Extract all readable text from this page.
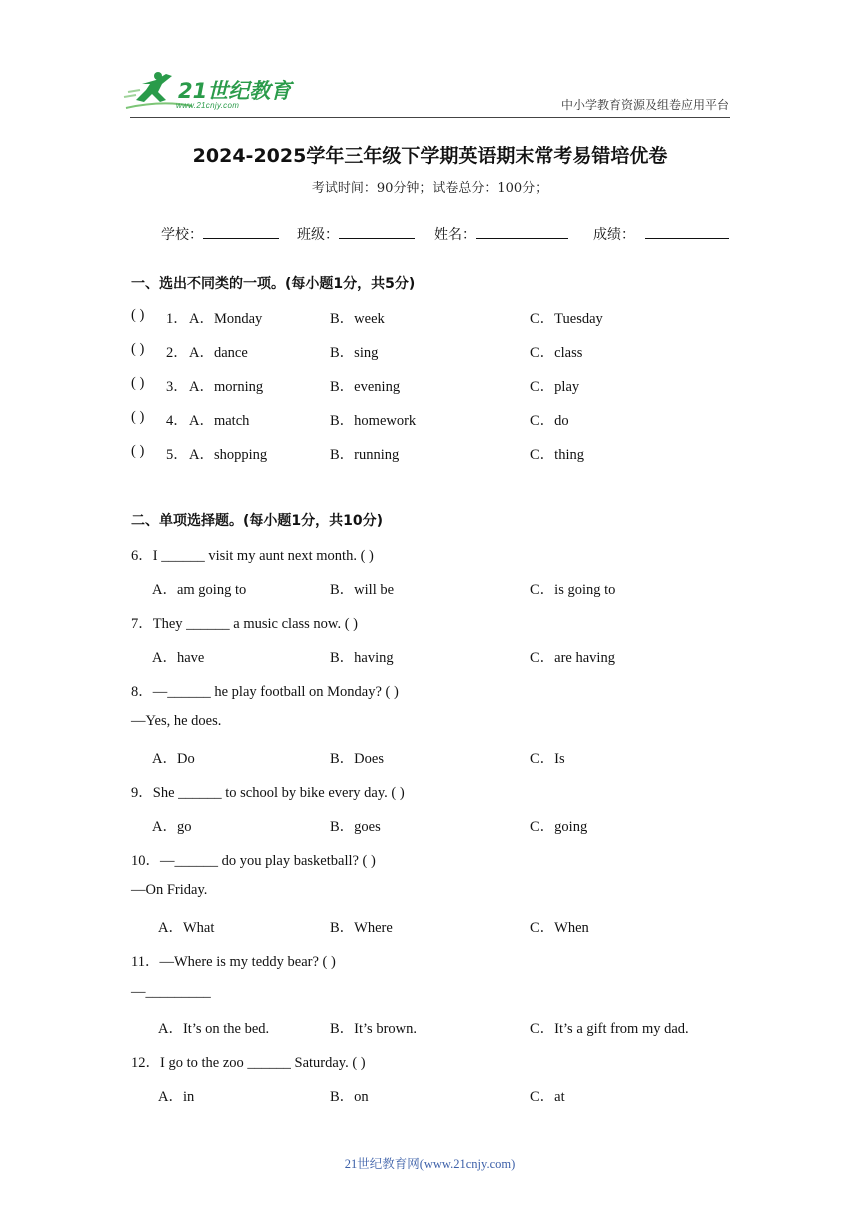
21世纪教育
www.21cnjy.com	中小学教育资源及组卷应用平台
2024-2025学年三年级下学期英语期末常考易错培优卷
考试时间：90分钟；试卷总分：100分；
学校：	班级：	姓名：	成绩：
一、选出不同类的一项。(每小题1分，共5分)
( ) 1． A．Monday	B．week	C．Tuesday
( ) 2． A．dance	B．sing	C．class
( ) 3． A．morning	B．evening	C．play
( ) 4． A．match	B．homework	C．do
( ) 5． A．shopping	B．running	C．thing
二、单项选择题。(每小题1分，共10分)
6．I ______ visit my aunt next month. ( )
A．am going to	B．will be	C．is going to
7．They ______ a music class now. ( )
A．have	B．having	C．are having
8．—______ he play football on Monday? ( )
—Yes, he does.
A．Do	B．Does	C．Is
9．She ______ to school by bike every day. ( )
A．go	B．goes	C．going
10．—______ do you play basketball? ( )
—On Friday.
A．What	B．Where	C．When
11．—Where is my teddy bear? ( )
—_________
A．It’s on the bed.	B．It’s brown.	C．It’s a gift from my dad.
12．I go to the zoo ______ Saturday. ( )
A．in	B．on	C．at
21世纪教育网(www.21cnjy.com)
